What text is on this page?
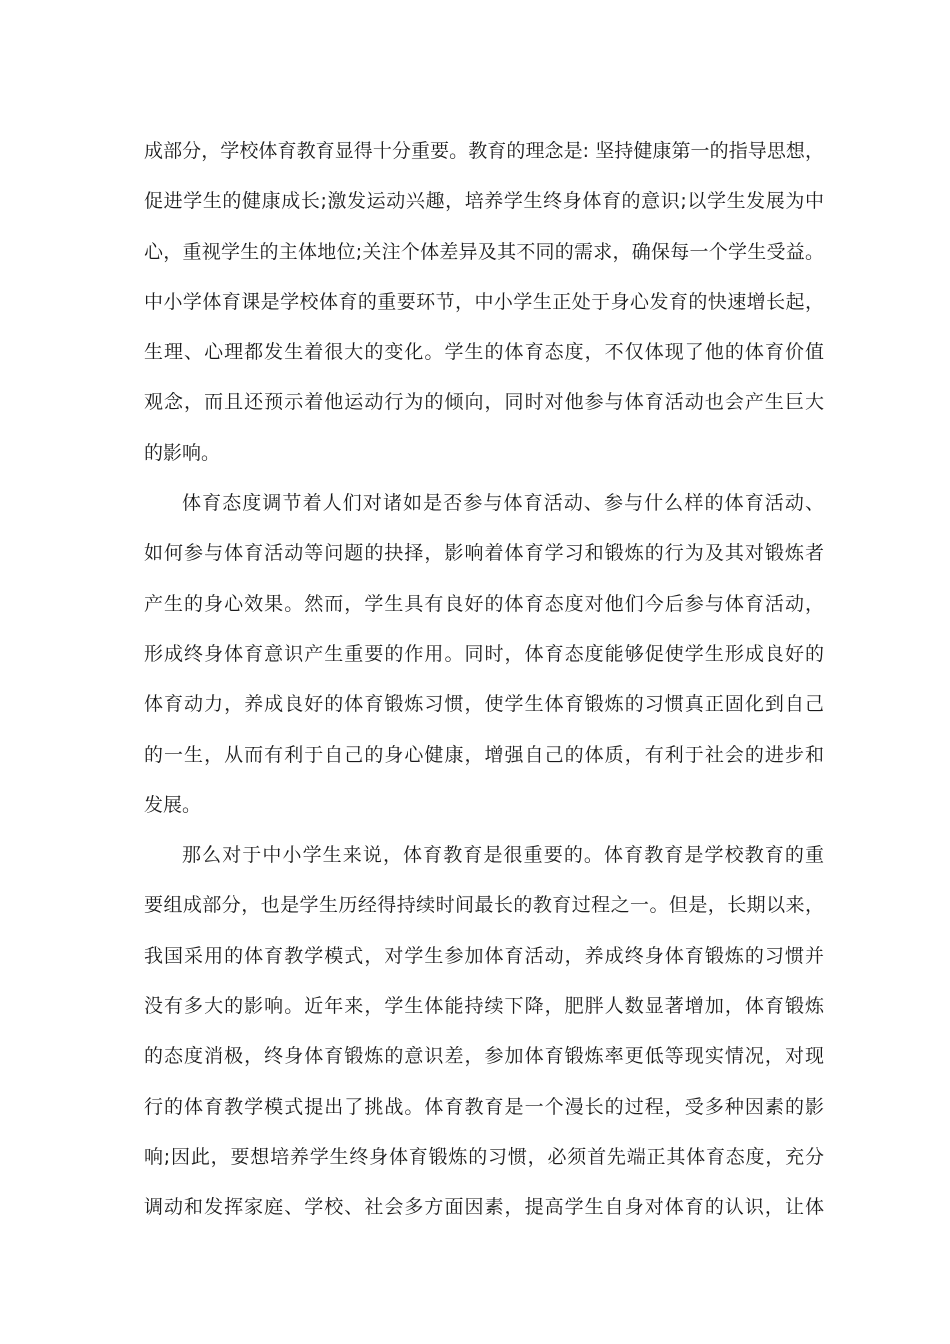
成部分，学校体育教育显得十分重要。教育的理念是: 坚持健康第一的指导思想，
促进学生的健康成长;激发运动兴趣，培养学生终身体育的意识;以学生发展为中
心，重视学生的主体地位;关注个体差异及其不同的需求，确保每一个学生受益。
中小学体育课是学校体育的重要环节，中小学生正处于身心发育的快速增长起，
生理、心理都发生着很大的变化。学生的体育态度，不仅体现了他的体育价值
观念，而且还预示着他运动行为的倾向，同时对他参与体育活动也会产生巨大
的影响。
体育态度调节着人们对诸如是否参与体育活动、参与什么样的体育活动、
如何参与体育活动等问题的抉择，影响着体育学习和锻炼的行为及其对锻炼者
产生的身心效果。然而，学生具有良好的体育态度对他们今后参与体育活动，
形成终身体育意识产生重要的作用。同时，体育态度能够促使学生形成良好的
体育动力，养成良好的体育锻炼习惯，使学生体育锻炼的习惯真正固化到自己
的一生，从而有利于自己的身心健康，增强自己的体质，有利于社会的进步和
发展。
那么对于中小学生来说，体育教育是很重要的。体育教育是学校教育的重
要组成部分，也是学生历经得持续时间最长的教育过程之一。但是，长期以来，
我国采用的体育教学模式，对学生参加体育活动，养成终身体育锻炼的习惯并
没有多大的影响。近年来，学生体能持续下降，肥胖人数显著增加，体育锻炼
的态度消极，终身体育锻炼的意识差，参加体育锻炼率更低等现实情况，对现
行的体育教学模式提出了挑战。体育教育是一个漫长的过程，受多种因素的影
响;因此，要想培养学生终身体育锻炼的习惯，必须首先端正其体育态度，充分
调动和发挥家庭、学校、社会多方面因素，提高学生自身对体育的认识，让体
